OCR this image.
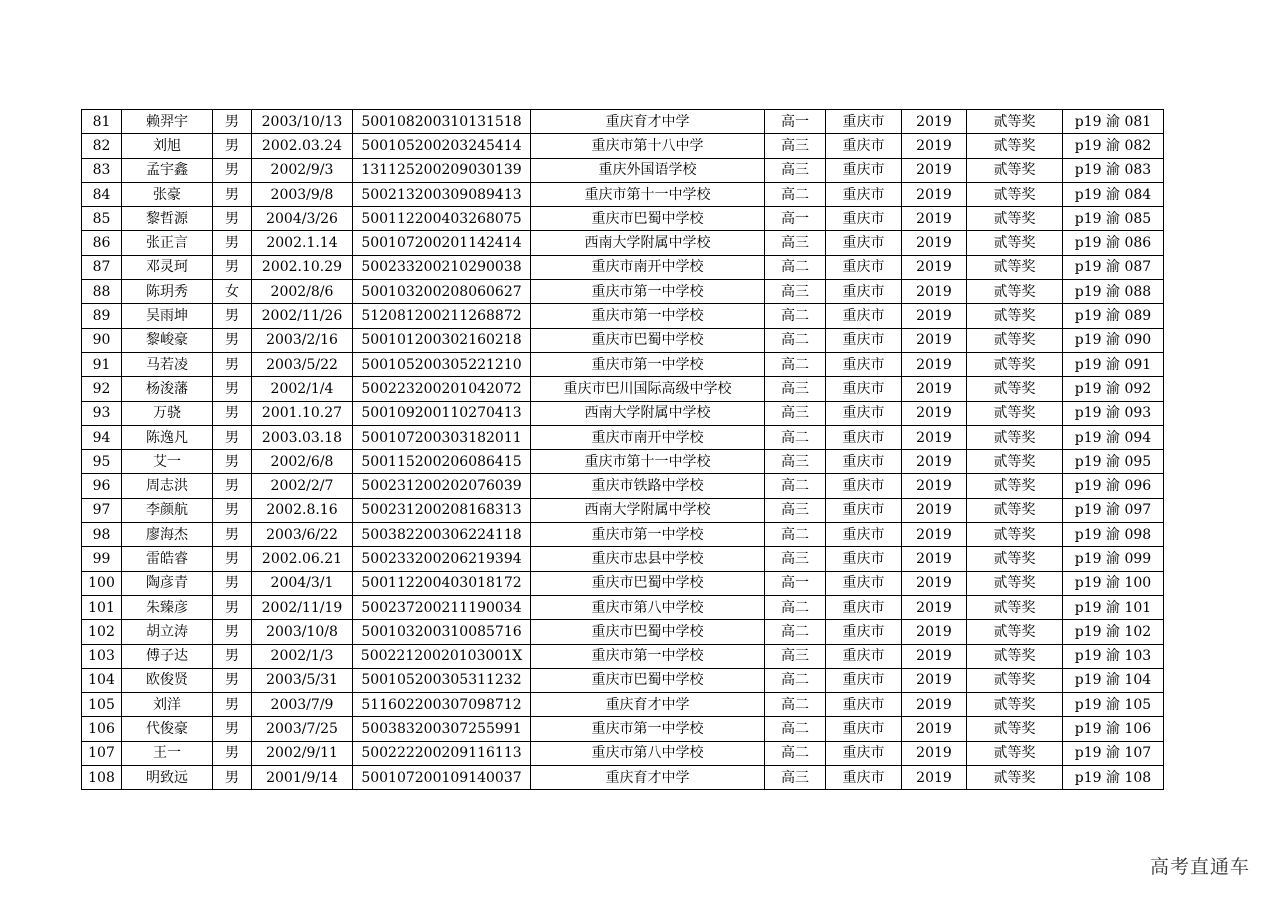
81	赖羿宇	男	2003/10/13	500108200310131518	重庆育才中学	高一	重庆市	2019	贰等奖	p19 渝 081
82	刘旭	男	2002.03.24	500105200203245414	重庆市第十八中学	高三	重庆市	2019	贰等奖	p19 渝 082
83	孟宇鑫	男	2002/9/3	131125200209030139	重庆外国语学校	高三	重庆市	2019	贰等奖	p19 渝 083
84	张豪	男	2003/9/8	500213200309089413	重庆市第十一中学校	高二	重庆市	2019	贰等奖	p19 渝 084
85	黎哲源	男	2004/3/26	500112200403268075	重庆市巴蜀中学校	高一	重庆市	2019	贰等奖	p19 渝 085
86	张正言	男	2002.1.14	500107200201142414	西南大学附属中学校	高三	重庆市	2019	贰等奖	p19 渝 086
87	邓灵珂	男	2002.10.29	500233200210290038	重庆市南开中学校	高二	重庆市	2019	贰等奖	p19 渝 087
88	陈玥秀	女	2002/8/6	500103200208060627	重庆市第一中学校	高三	重庆市	2019	贰等奖	p19 渝 088
89	吴雨坤	男	2002/11/26	512081200211268872	重庆市第一中学校	高二	重庆市	2019	贰等奖	p19 渝 089
90	黎峻豪	男	2003/2/16	500101200302160218	重庆市巴蜀中学校	高二	重庆市	2019	贰等奖	p19 渝 090
91	马若凌	男	2003/5/22	500105200305221210	重庆市第一中学校	高二	重庆市	2019	贰等奖	p19 渝 091
92	杨浚藩	男	2002/1/4	500223200201042072	重庆市巴川国际高级中学校	高三	重庆市	2019	贰等奖	p19 渝 092
93	万骁	男	2001.10.27	500109200110270413	西南大学附属中学校	高三	重庆市	2019	贰等奖	p19 渝 093
94	陈逸凡	男	2003.03.18	500107200303182011	重庆市南开中学校	高二	重庆市	2019	贰等奖	p19 渝 094
95	艾一	男	2002/6/8	500115200206086415	重庆市第十一中学校	高三	重庆市	2019	贰等奖	p19 渝 095
96	周志洪	男	2002/2/7	500231200202076039	重庆市铁路中学校	高二	重庆市	2019	贰等奖	p19 渝 096
97	李颜航	男	2002.8.16	500231200208168313	西南大学附属中学校	高三	重庆市	2019	贰等奖	p19 渝 097
98	廖海杰	男	2003/6/22	500382200306224118	重庆市第一中学校	高二	重庆市	2019	贰等奖	p19 渝 098
99	雷皓睿	男	2002.06.21	500233200206219394	重庆市忠县中学校	高三	重庆市	2019	贰等奖	p19 渝 099
100	陶彦青	男	2004/3/1	500112200403018172	重庆市巴蜀中学校	高一	重庆市	2019	贰等奖	p19 渝 100
101	朱臻彦	男	2002/11/19	500237200211190034	重庆市第八中学校	高二	重庆市	2019	贰等奖	p19 渝 101
102	胡立涛	男	2003/10/8	500103200310085716	重庆市巴蜀中学校	高二	重庆市	2019	贰等奖	p19 渝 102
103	傅子达	男	2002/1/3	50022120020103001X	重庆市第一中学校	高三	重庆市	2019	贰等奖	p19 渝 103
104	欧俊贤	男	2003/5/31	500105200305311232	重庆市巴蜀中学校	高二	重庆市	2019	贰等奖	p19 渝 104
105	刘洋	男	2003/7/9	511602200307098712	重庆育才中学	高二	重庆市	2019	贰等奖	p19 渝 105
106	代俊豪	男	2003/7/25	500383200307255991	重庆市第一中学校	高二	重庆市	2019	贰等奖	p19 渝 106
107	王一	男	2002/9/11	500222200209116113	重庆市第八中学校	高二	重庆市	2019	贰等奖	p19 渝 107
108	明致远	男	2001/9/14	500107200109140037	重庆育才中学	高三	重庆市	2019	贰等奖	p19 渝 108
高考直通车
